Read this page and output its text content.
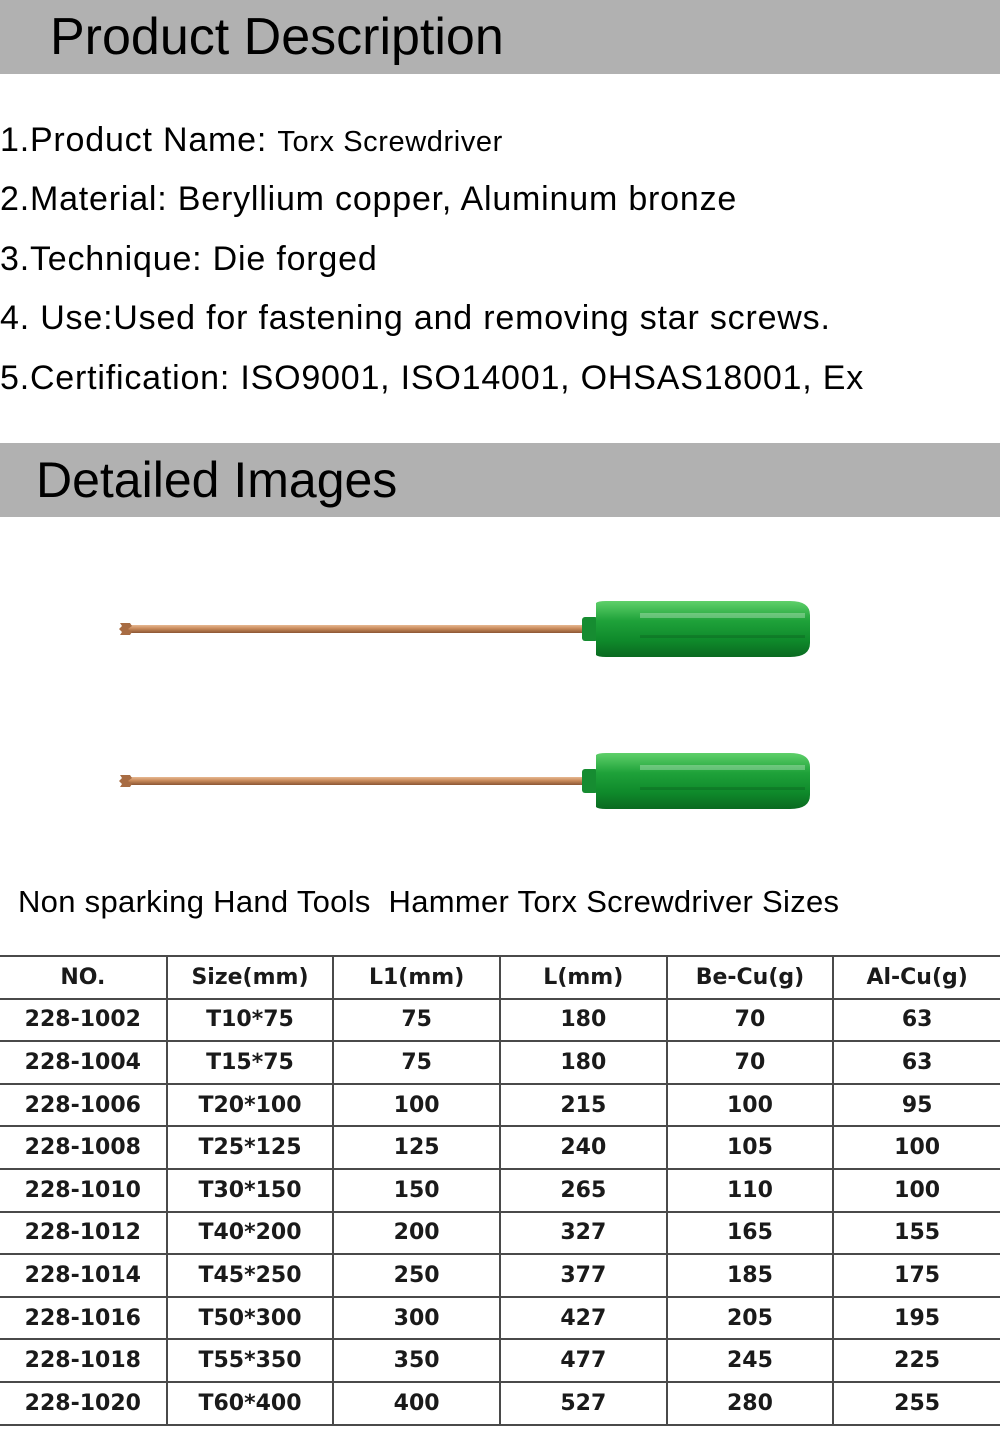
Product Description
1.Product Name: Torx Screwdriver
2.Material: Beryllium copper, Aluminum bronze
3.Technique: Die forged
4. Use:Used for fastening and removing star screws.
5.Certification: ISO9001, ISO14001, OHSAS18001, Ex
Detailed Images
Non sparking Hand Tools  Hammer Torx Screwdriver Sizes
NO.	Size(mm)	L1(mm)	L(mm)	Be-Cu(g)	Al-Cu(g)
228-1002	T10*75	75	180	70	63
228-1004	T15*75	75	180	70	63
228-1006	T20*100	100	215	100	95
228-1008	T25*125	125	240	105	100
228-1010	T30*150	150	265	110	100
228-1012	T40*200	200	327	165	155
228-1014	T45*250	250	377	185	175
228-1016	T50*300	300	427	205	195
228-1018	T55*350	350	477	245	225
228-1020	T60*400	400	527	280	255
